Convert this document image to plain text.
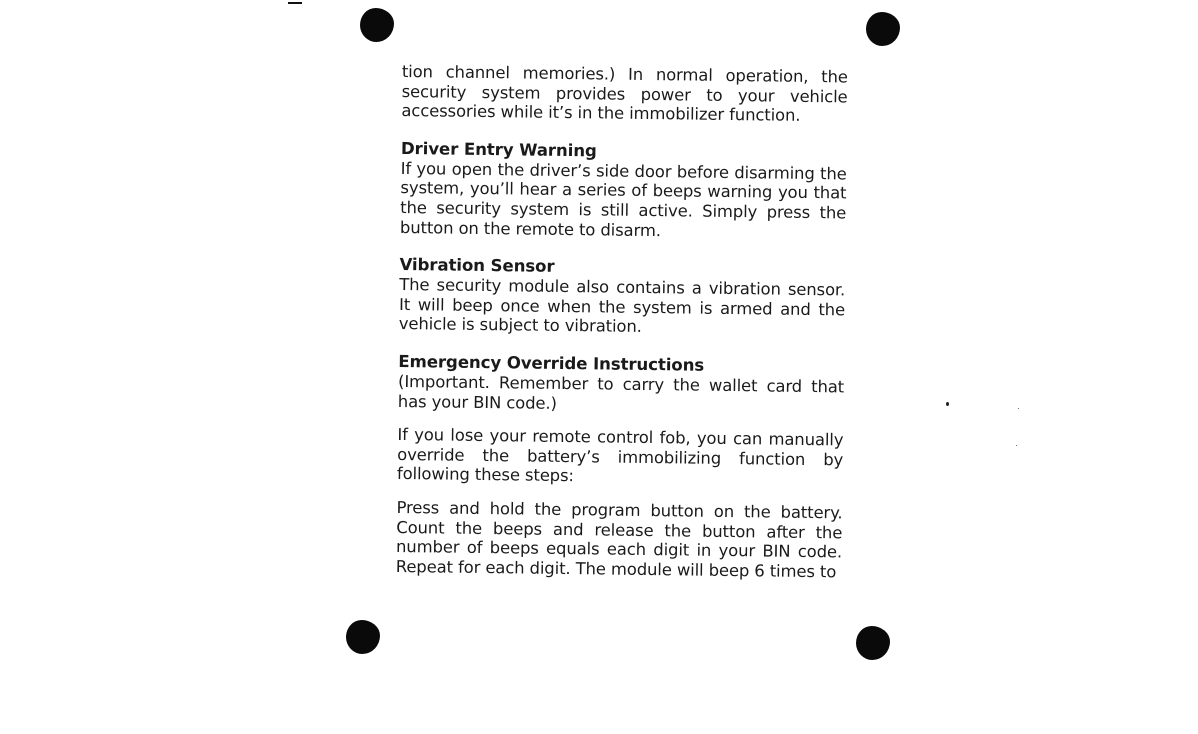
tion channel memories.) In normal operation, the security system provides power to your vehicle accessories while it’s in the immobilizer function.

Driver Entry Warning

If you open the driver’s side door before disarming the system, you’ll hear a series of beeps warning you that the security system is still active. Simply press the button on the remote to disarm.

Vibration Sensor

The security module also contains a vibration sensor. It will beep once when the system is armed and the vehicle is subject to vibration.

Emergency Override Instructions

(Important. Remember to carry the wallet card that has your BIN code.)

If you lose your remote control fob, you can manually override the battery’s immobilizing function by following these steps:

Press and hold the program button on the battery. Count the beeps and release the button after the number of beeps equals each digit in your BIN code. Repeat for each digit. The module will beep 6 times to
